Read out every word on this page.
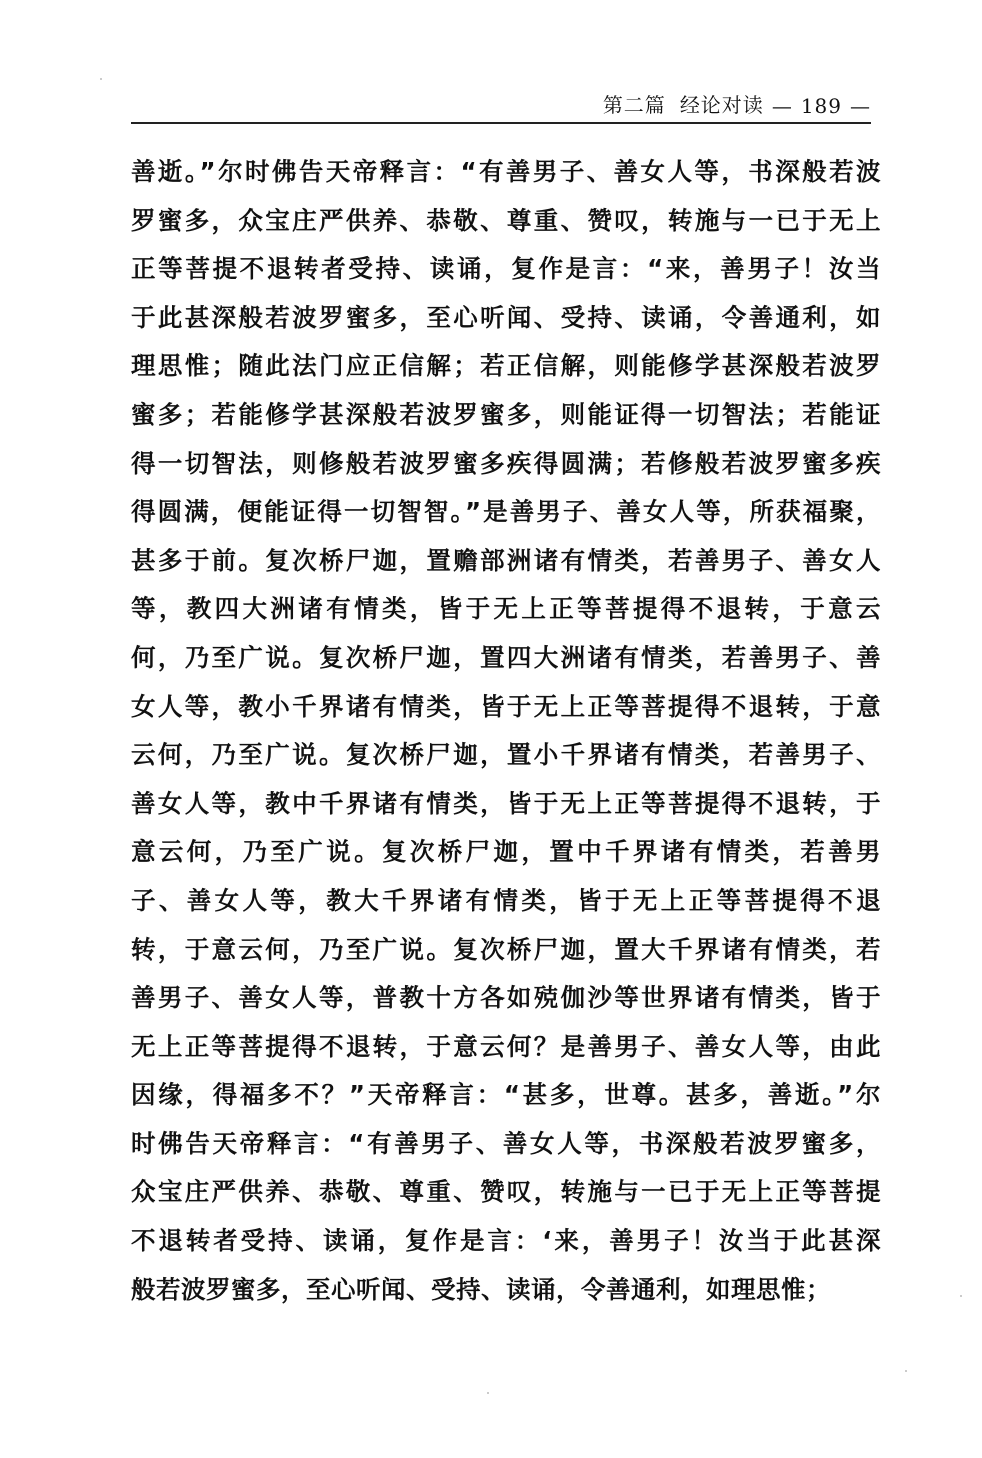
第二篇 经论对读 — 189 —
善逝。”尔时佛告天帝释言：“有善男子、善女人等，书深般若波
罗蜜多，众宝庄严供养、恭敬、尊重、赞叹，转施与一已于无上
正等菩提不退转者受持、读诵，复作是言：“来，善男子！汝当
于此甚深般若波罗蜜多，至心听闻、受持、读诵，令善通利，如
理思惟；随此法门应正信解；若正信解，则能修学甚深般若波罗
蜜多；若能修学甚深般若波罗蜜多，则能证得一切智法；若能证
得一切智法，则修般若波罗蜜多疾得圆满；若修般若波罗蜜多疾
得圆满，便能证得一切智智。”是善男子、善女人等，所获福聚，
甚多于前。复次桥尸迦，置赡部洲诸有情类，若善男子、善女人
等，教四大洲诸有情类，皆于无上正等菩提得不退转，于意云
何，乃至广说。复次桥尸迦，置四大洲诸有情类，若善男子、善
女人等，教小千界诸有情类，皆于无上正等菩提得不退转，于意
云何，乃至广说。复次桥尸迦，置小千界诸有情类，若善男子、
善女人等，教中千界诸有情类，皆于无上正等菩提得不退转，于
意云何，乃至广说。复次桥尸迦，置中千界诸有情类，若善男
子、善女人等，教大千界诸有情类，皆于无上正等菩提得不退
转，于意云何，乃至广说。复次桥尸迦，置大千界诸有情类，若
善男子、善女人等，普教十方各如殑伽沙等世界诸有情类，皆于
无上正等菩提得不退转，于意云何？是善男子、善女人等，由此
因缘，得福多不？”天帝释言：“甚多，世尊。甚多，善逝。”尔
时佛告天帝释言：“有善男子、善女人等，书深般若波罗蜜多，
众宝庄严供养、恭敬、尊重、赞叹，转施与一已于无上正等菩提
不退转者受持、读诵，复作是言：‘来，善男子！汝当于此甚深
般若波罗蜜多，至心听闻、受持、读诵，令善通利，如理思惟；
